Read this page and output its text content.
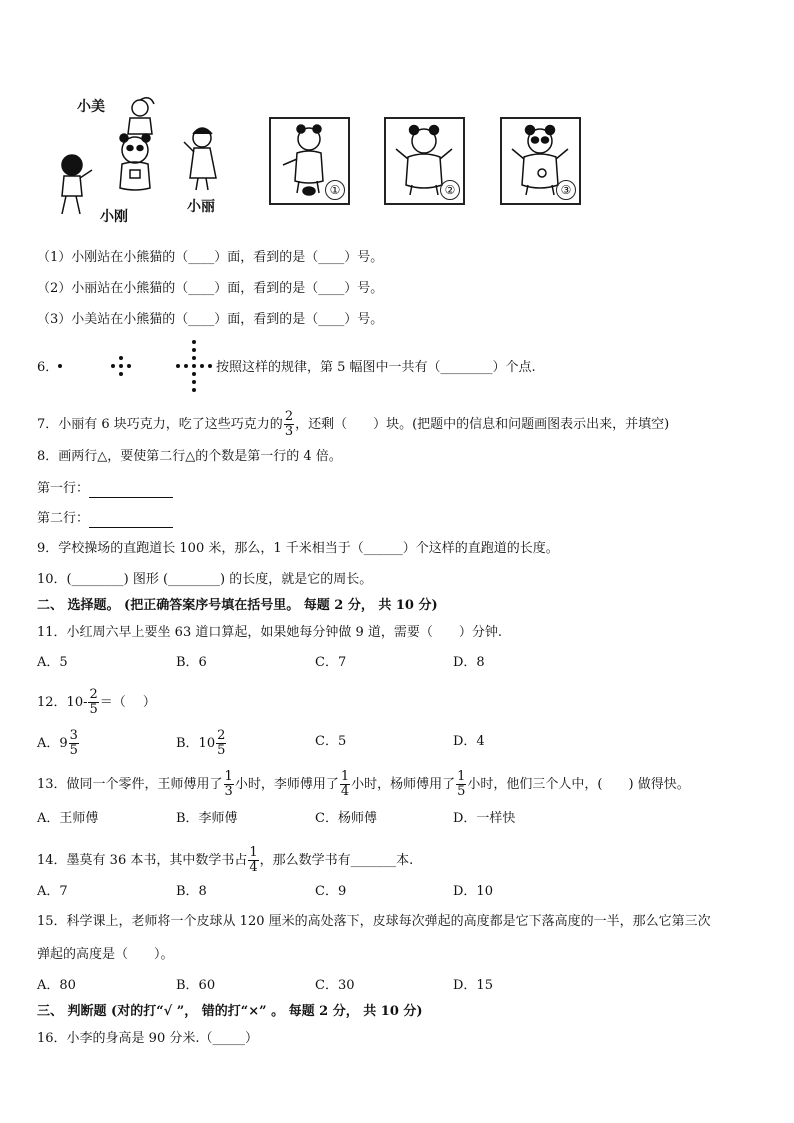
小美
小刚
小丽
①	②	③
（1）小刚站在小熊猫的（____）面，看到的是（____）号。
（2）小丽站在小熊猫的（____）面，看到的是（____）号。
（3）小美站在小熊猫的（____）面，看到的是（____）号。
6．	按照这样的规律，第 5 幅图中一共有（________）个点.
7．小丽有 6 块巧克力，吃了这些巧克力的 $\frac{2}{3}$ ，还剩（　　）块。(把题中的信息和问题画图表示出来，并填空)
8．画两行△，要使第二行△的个数是第一行的 4 倍。
第一行：
第二行：
9．学校操场的直跑道长 100 米，那么，1 千米相当于（______）个这样的直跑道的长度。
10．(________) 图形 (________) 的长度，就是它的周长。
二、 选择题。 (把正确答案序号填在括号里。 每题 2 分， 共 10 分)
11．小红周六早上要坐 63 道口算起，如果她每分钟做 9 道，需要（　　）分钟.
A．5	B．6	C．7	D．8
12．$10- \frac{2}{5}$ ＝（　 ）
A．$9 \frac{3}{5}$	B．$10 \frac{2}{5}$	C．5	D．4
13．做同一个零件，王师傅用了 $\frac{1}{3}$ 小时，李师傅用了 $\frac{1}{4}$ 小时，杨师傅用了 $\frac{1}{5}$ 小时，他们三个人中，(　　) 做得快。
A．王师傅	B．李师傅	C．杨师傅	D．一样快
14．墨莫有 36 本书，其中数学书占 $\frac{1}{4}$ ，那么数学书有_______本.
A．7	B．8	C．9	D．10
15．科学课上，老师将一个皮球从 120 厘米的高处落下，皮球每次弹起的高度都是它下落高度的一半，那么它第三次
弹起的高度是（　　）。
A．80	B．60	C．30	D．15
三、 判断题 (对的打“√ ”， 错的打“×” 。 每题 2 分， 共 10 分)
16．小李的身高是 90 分米.（_____）
